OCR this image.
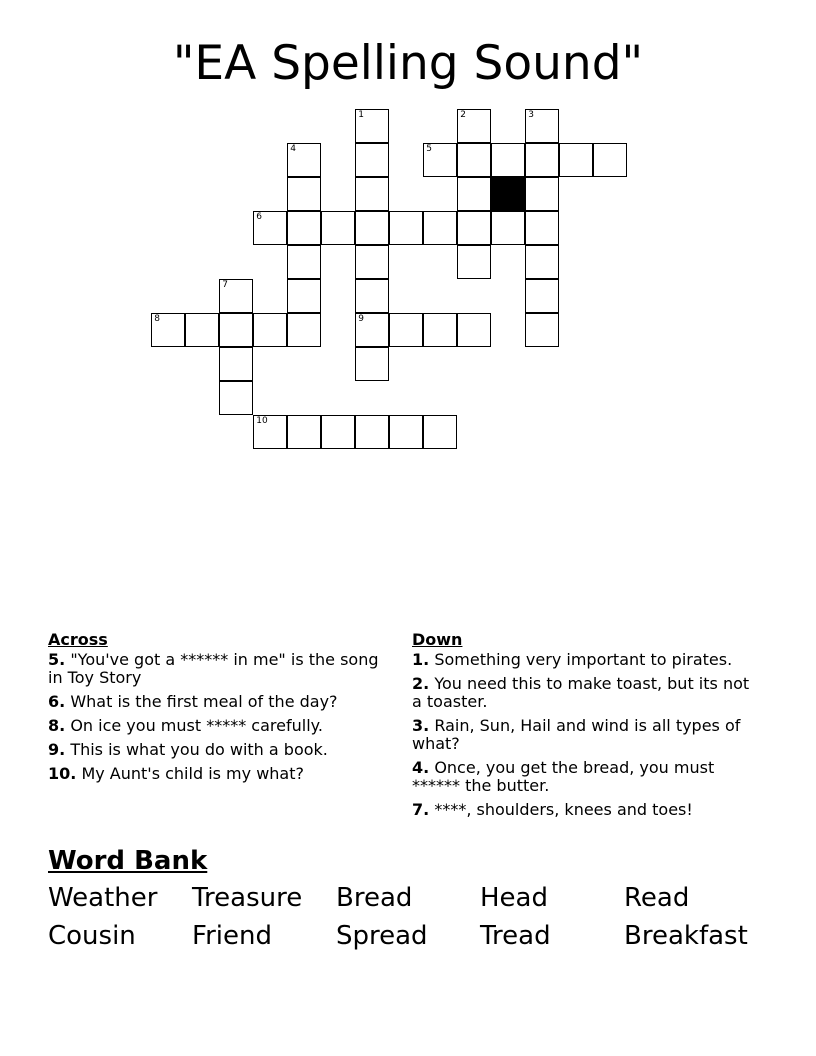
"EA Spelling Sound"
1
9
2	3
4	5
6
7
8
10
Across
5. "You've got a ****** in me" is the song in Toy Story
6. What is the first meal of the day?
8. On ice you must ***** carefully.
9. This is what you do with a book.
10. My Aunt's child is my what?
Down
1. Something very important to pirates.
2. You need this to make toast, but its not a toaster.
3. Rain, Sun, Hail and wind is all types of what?
4. Once, you get the bread, you must ****** the butter.
7. ****, shoulders, knees and toes!
Word Bank
Weather Treasure Bread	Head	Read
Cousin Friend Spread Tread	Breakfast
